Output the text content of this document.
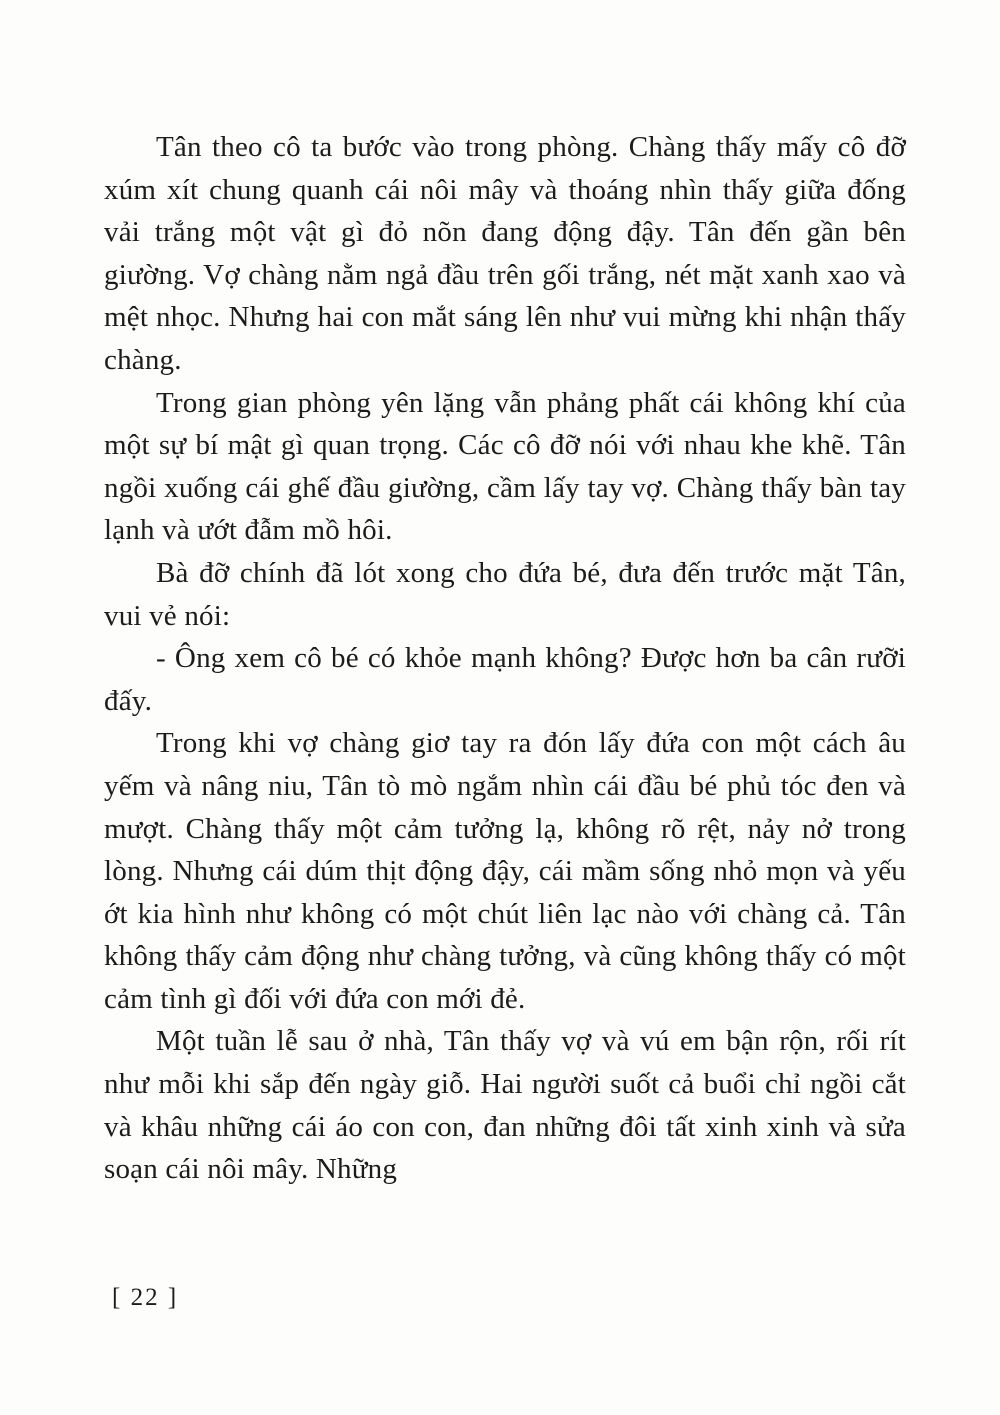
Tân theo cô ta bước vào trong phòng. Chàng thấy mấy cô đỡ xúm xít chung quanh cái nôi mây và thoáng nhìn thấy giữa đống vải trắng một vật gì đỏ nõn đang động đậy. Tân đến gần bên giường. Vợ chàng nằm ngả đầu trên gối trắng, nét mặt xanh xao và mệt nhọc. Nhưng hai con mắt sáng lên như vui mừng khi nhận thấy chàng.

Trong gian phòng yên lặng vẫn phảng phất cái không khí của một sự bí mật gì quan trọng. Các cô đỡ nói với nhau khe khẽ. Tân ngồi xuống cái ghế đầu giường, cầm lấy tay vợ. Chàng thấy bàn tay lạnh và ướt đẫm mồ hôi.

Bà đỡ chính đã lót xong cho đứa bé, đưa đến trước mặt Tân, vui vẻ nói:

- Ông xem cô bé có khỏe mạnh không? Được hơn ba cân rưỡi đấy.

Trong khi vợ chàng giơ tay ra đón lấy đứa con một cách âu yếm và nâng niu, Tân tò mò ngắm nhìn cái đầu bé phủ tóc đen và mượt. Chàng thấy một cảm tưởng lạ, không rõ rệt, nảy nở trong lòng. Nhưng cái dúm thịt động đậy, cái mầm sống nhỏ mọn và yếu ớt kia hình như không có một chút liên lạc nào với chàng cả. Tân không thấy cảm động như chàng tưởng, và cũng không thấy có một cảm tình gì đối với đứa con mới đẻ.

Một tuần lễ sau ở nhà, Tân thấy vợ và vú em bận rộn, rối rít như mỗi khi sắp đến ngày giỗ. Hai người suốt cả buổi chỉ ngồi cắt và khâu những cái áo con con, đan những đôi tất xinh xinh và sửa soạn cái nôi mây. Những

[ 22 ]
